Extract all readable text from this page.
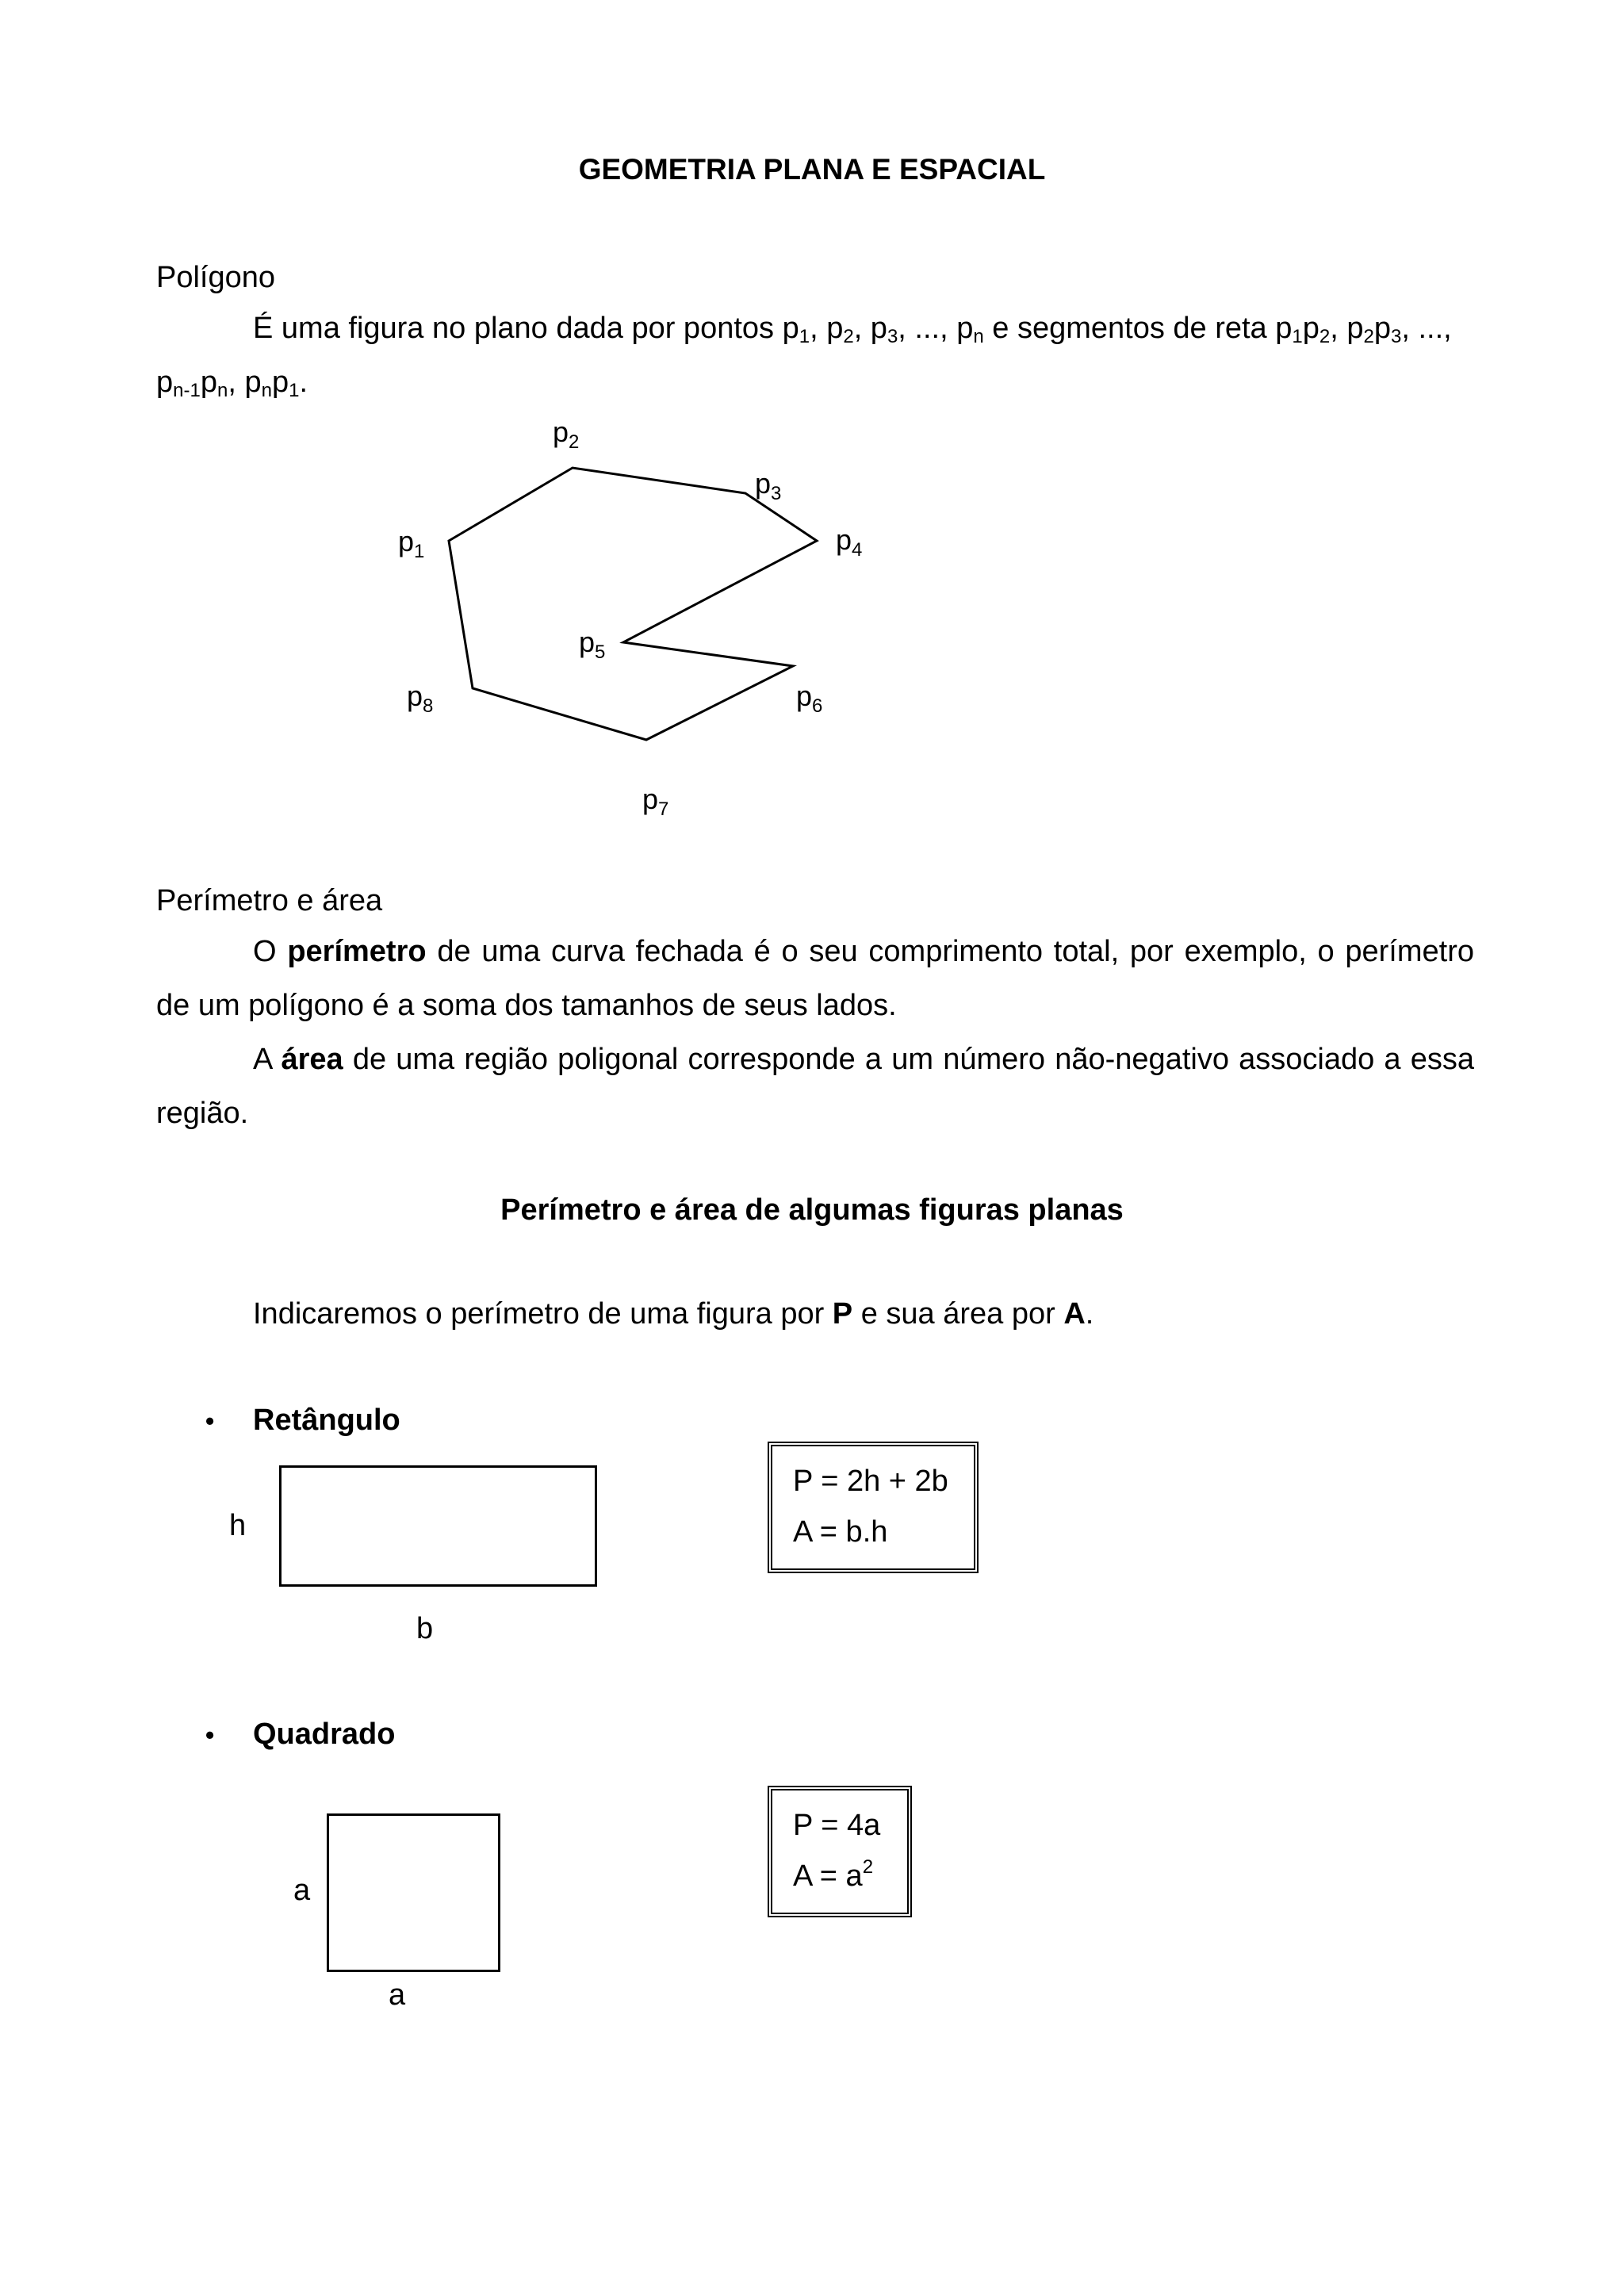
GEOMETRIA PLANA E ESPACIAL
Polígono
É uma figura no plano dada por pontos $p_1$, $p_2$, $p_3$, ..., $p_n$ e segmentos de reta $p_1p_2$, $p_2p_3$, ...,
$p_{n-1}p_n$, $p_np_1$.
$p_1$
$p_2$
$p_3$
$p_4$
$p_5$
$p_6$
$p_7$
$p_8$
Perímetro e área
O perímetro de uma curva fechada é o seu comprimento total, por exemplo, o perímetro de um polígono é a soma dos tamanhos de seus lados.
A área de uma região poligonal corresponde a um número não-negativo associado a essa região.
Perímetro e área de algumas figuras planas
Indicaremos o perímetro de uma figura por P e sua área por A.
• Retângulo
h
b
P = 2h + 2b
A = b.h
• Quadrado
a
a
P = 4a
$A = a^2$
